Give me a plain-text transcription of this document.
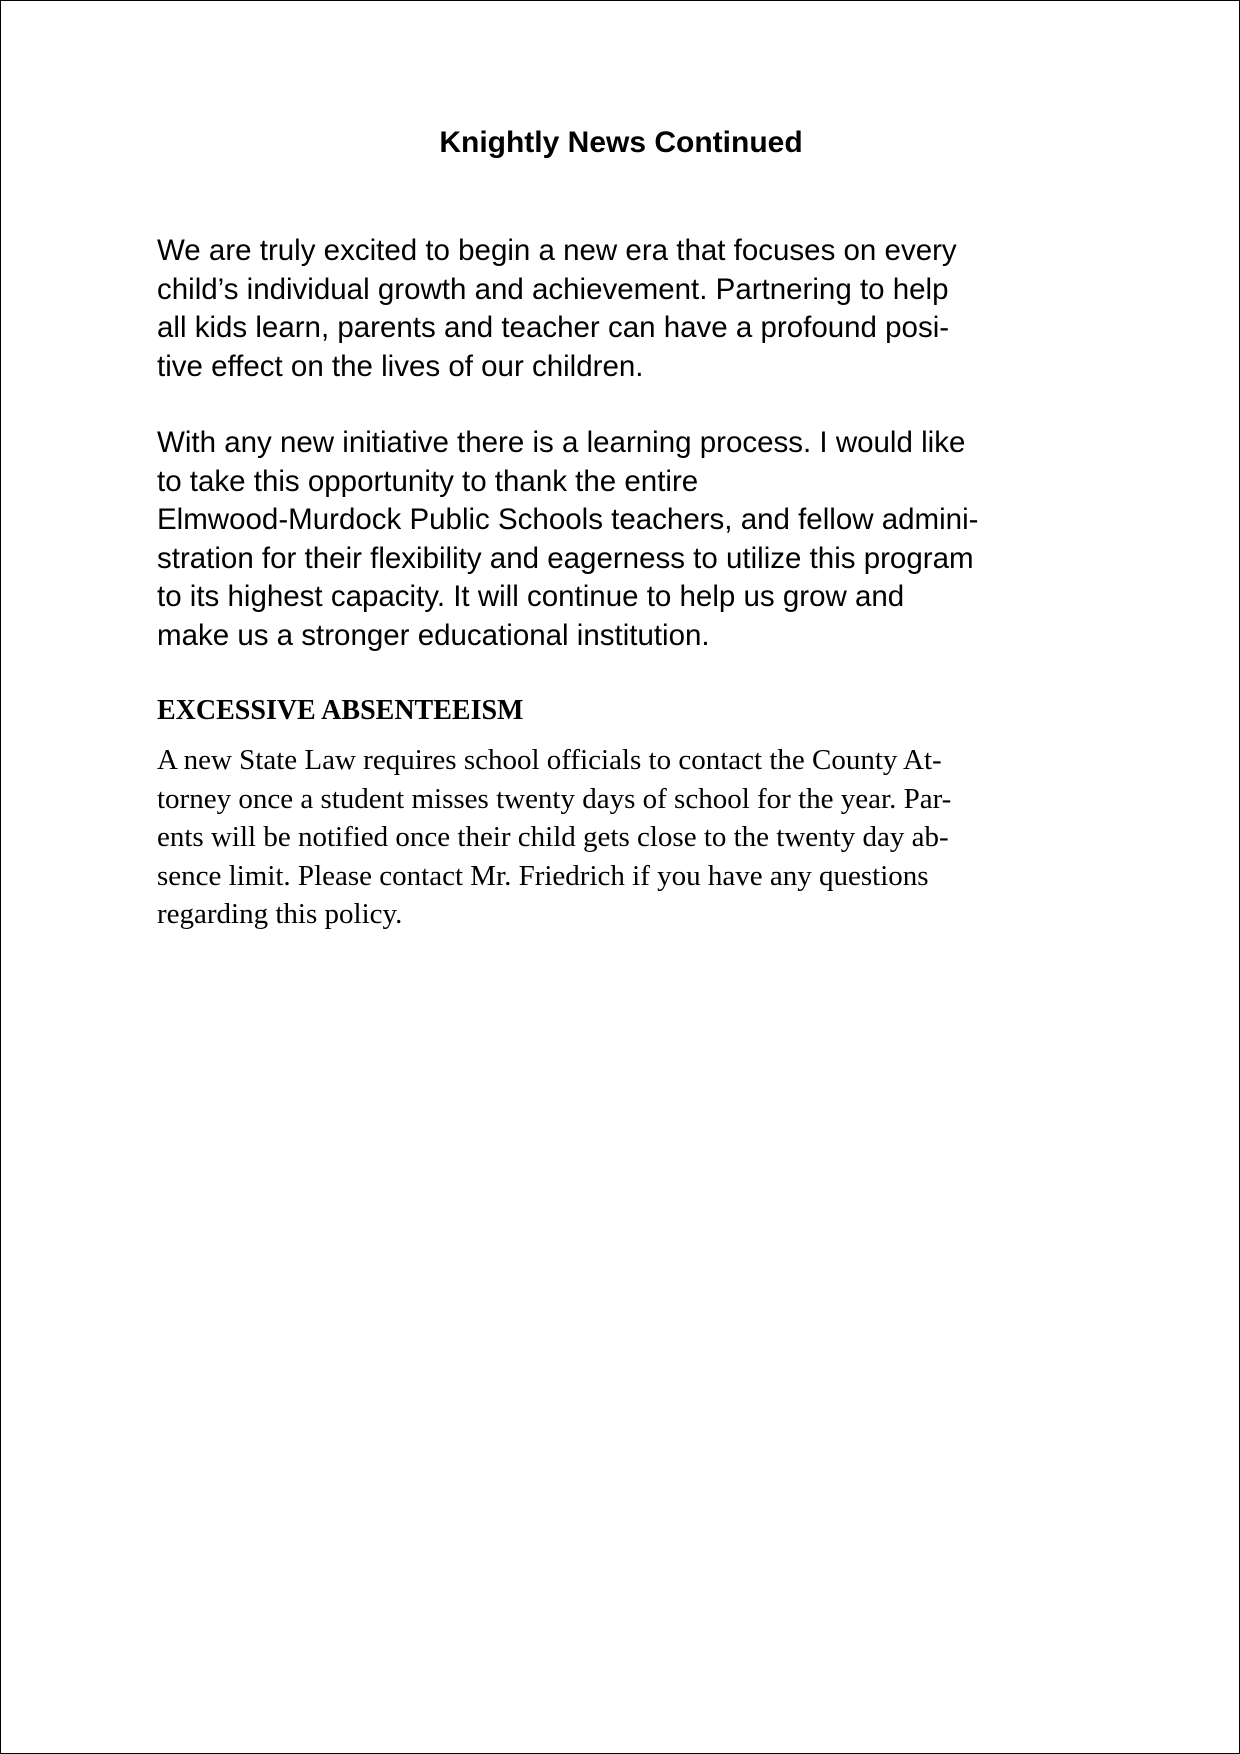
Knightly News Continued

We are truly excited to begin a new era that focuses on every
child’s individual growth and achievement. Partnering to help
all kids learn, parents and teacher can have a profound posi-
tive effect on the lives of our children.

With any new initiative there is a learning process. I would like
to take this opportunity to thank the entire
Elmwood-Murdock Public Schools teachers, and fellow admini-
stration for their flexibility and eagerness to utilize this program
to its highest capacity. It will continue to help us grow and
make us a stronger educational institution.

EXCESSIVE ABSENTEEISM

A new State Law requires school officials to contact the County At-
torney once a student misses twenty days of school for the year. Par-
ents will be notified once their child gets close to the twenty day ab-
sence limit. Please contact Mr. Friedrich if you have any questions
regarding this policy.
